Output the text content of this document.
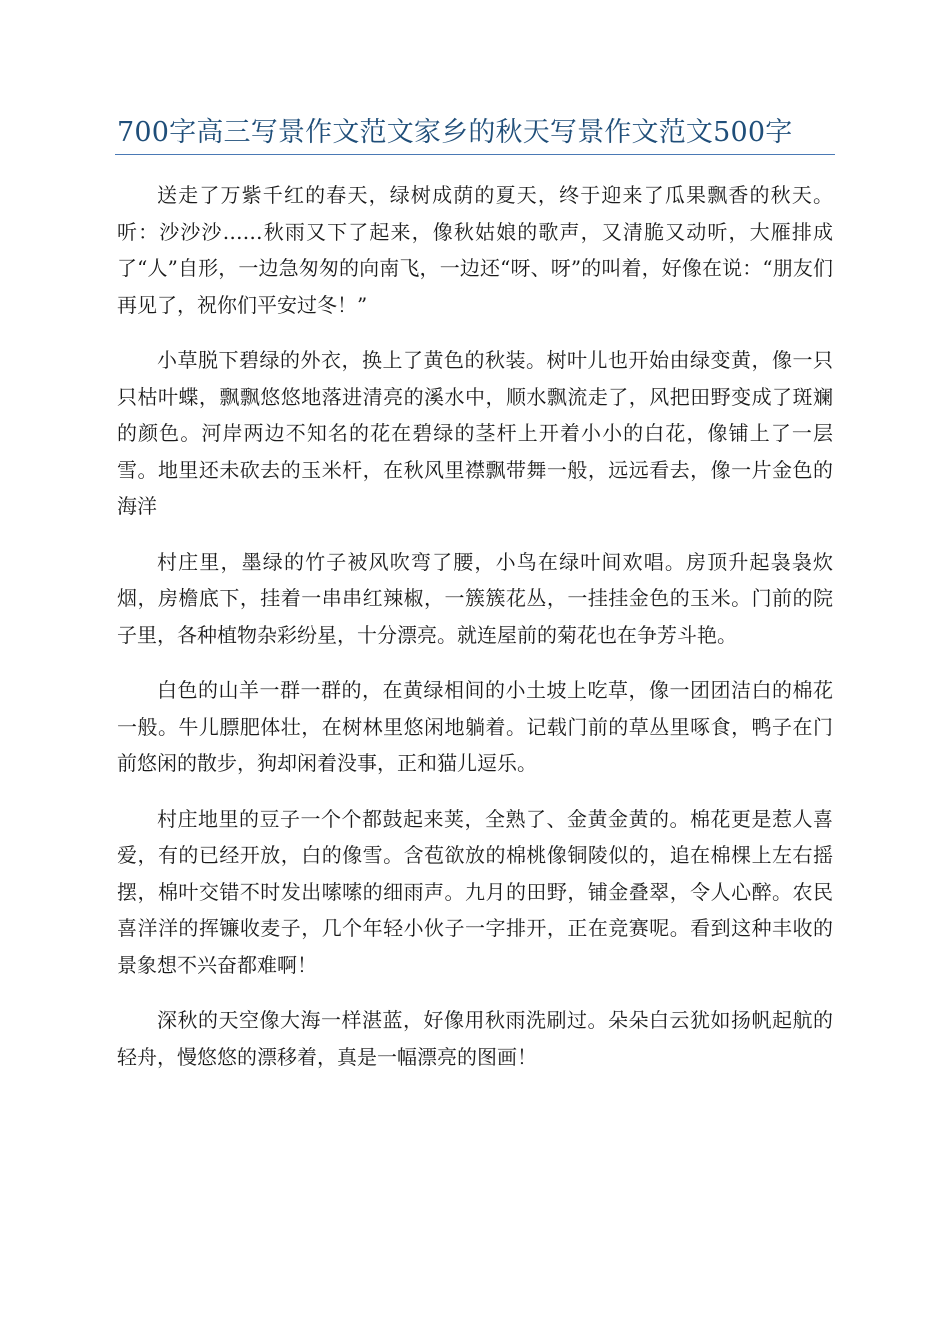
700字高三写景作文范文家乡的秋天写景作文范文500字

送走了万紫千红的春天，绿树成荫的夏天，终于迎来了瓜果飘香的秋天。听：沙沙沙……秋雨又下了起来，像秋姑娘的歌声，又清脆又动听，大雁排成了“人”自形，一边急匆匆的向南飞，一边还“呀、呀”的叫着，好像在说：“朋友们再见了，祝你们平安过冬！”

小草脱下碧绿的外衣，换上了黄色的秋装。树叶儿也开始由绿变黄，像一只只枯叶蝶，飘飘悠悠地落进清亮的溪水中，顺水飘流走了，风把田野变成了斑斓的颜色。河岸两边不知名的花在碧绿的茎杆上开着小小的白花，像铺上了一层雪。地里还未砍去的玉米杆，在秋风里襟飘带舞一般，远远看去，像一片金色的海洋

村庄里，墨绿的竹子被风吹弯了腰，小鸟在绿叶间欢唱。房顶升起袅袅炊烟，房檐底下，挂着一串串红辣椒，一簇簇花丛，一挂挂金色的玉米。门前的院子里，各种植物杂彩纷星，十分漂亮。就连屋前的菊花也在争芳斗艳。

白色的山羊一群一群的，在黄绿相间的小土坡上吃草，像一团团洁白的棉花一般。牛儿膘肥体壮，在树林里悠闲地躺着。记载门前的草丛里啄食，鸭子在门前悠闲的散步，狗却闲着没事，正和猫儿逗乐。

村庄地里的豆子一个个都鼓起来荚，全熟了、金黄金黄的。棉花更是惹人喜爱，有的已经开放，白的像雪。含苞欲放的棉桃像铜陵似的，追在棉棵上左右摇摆，棉叶交错不时发出嗦嗦的细雨声。九月的田野，铺金叠翠，令人心醉。农民喜洋洋的挥镰收麦子，几个年轻小伙子一字排开，正在竞赛呢。看到这种丰收的景象想不兴奋都难啊！

深秋的天空像大海一样湛蓝，好像用秋雨洗刷过。朵朵白云犹如扬帆起航的轻舟，慢悠悠的漂移着，真是一幅漂亮的图画！
